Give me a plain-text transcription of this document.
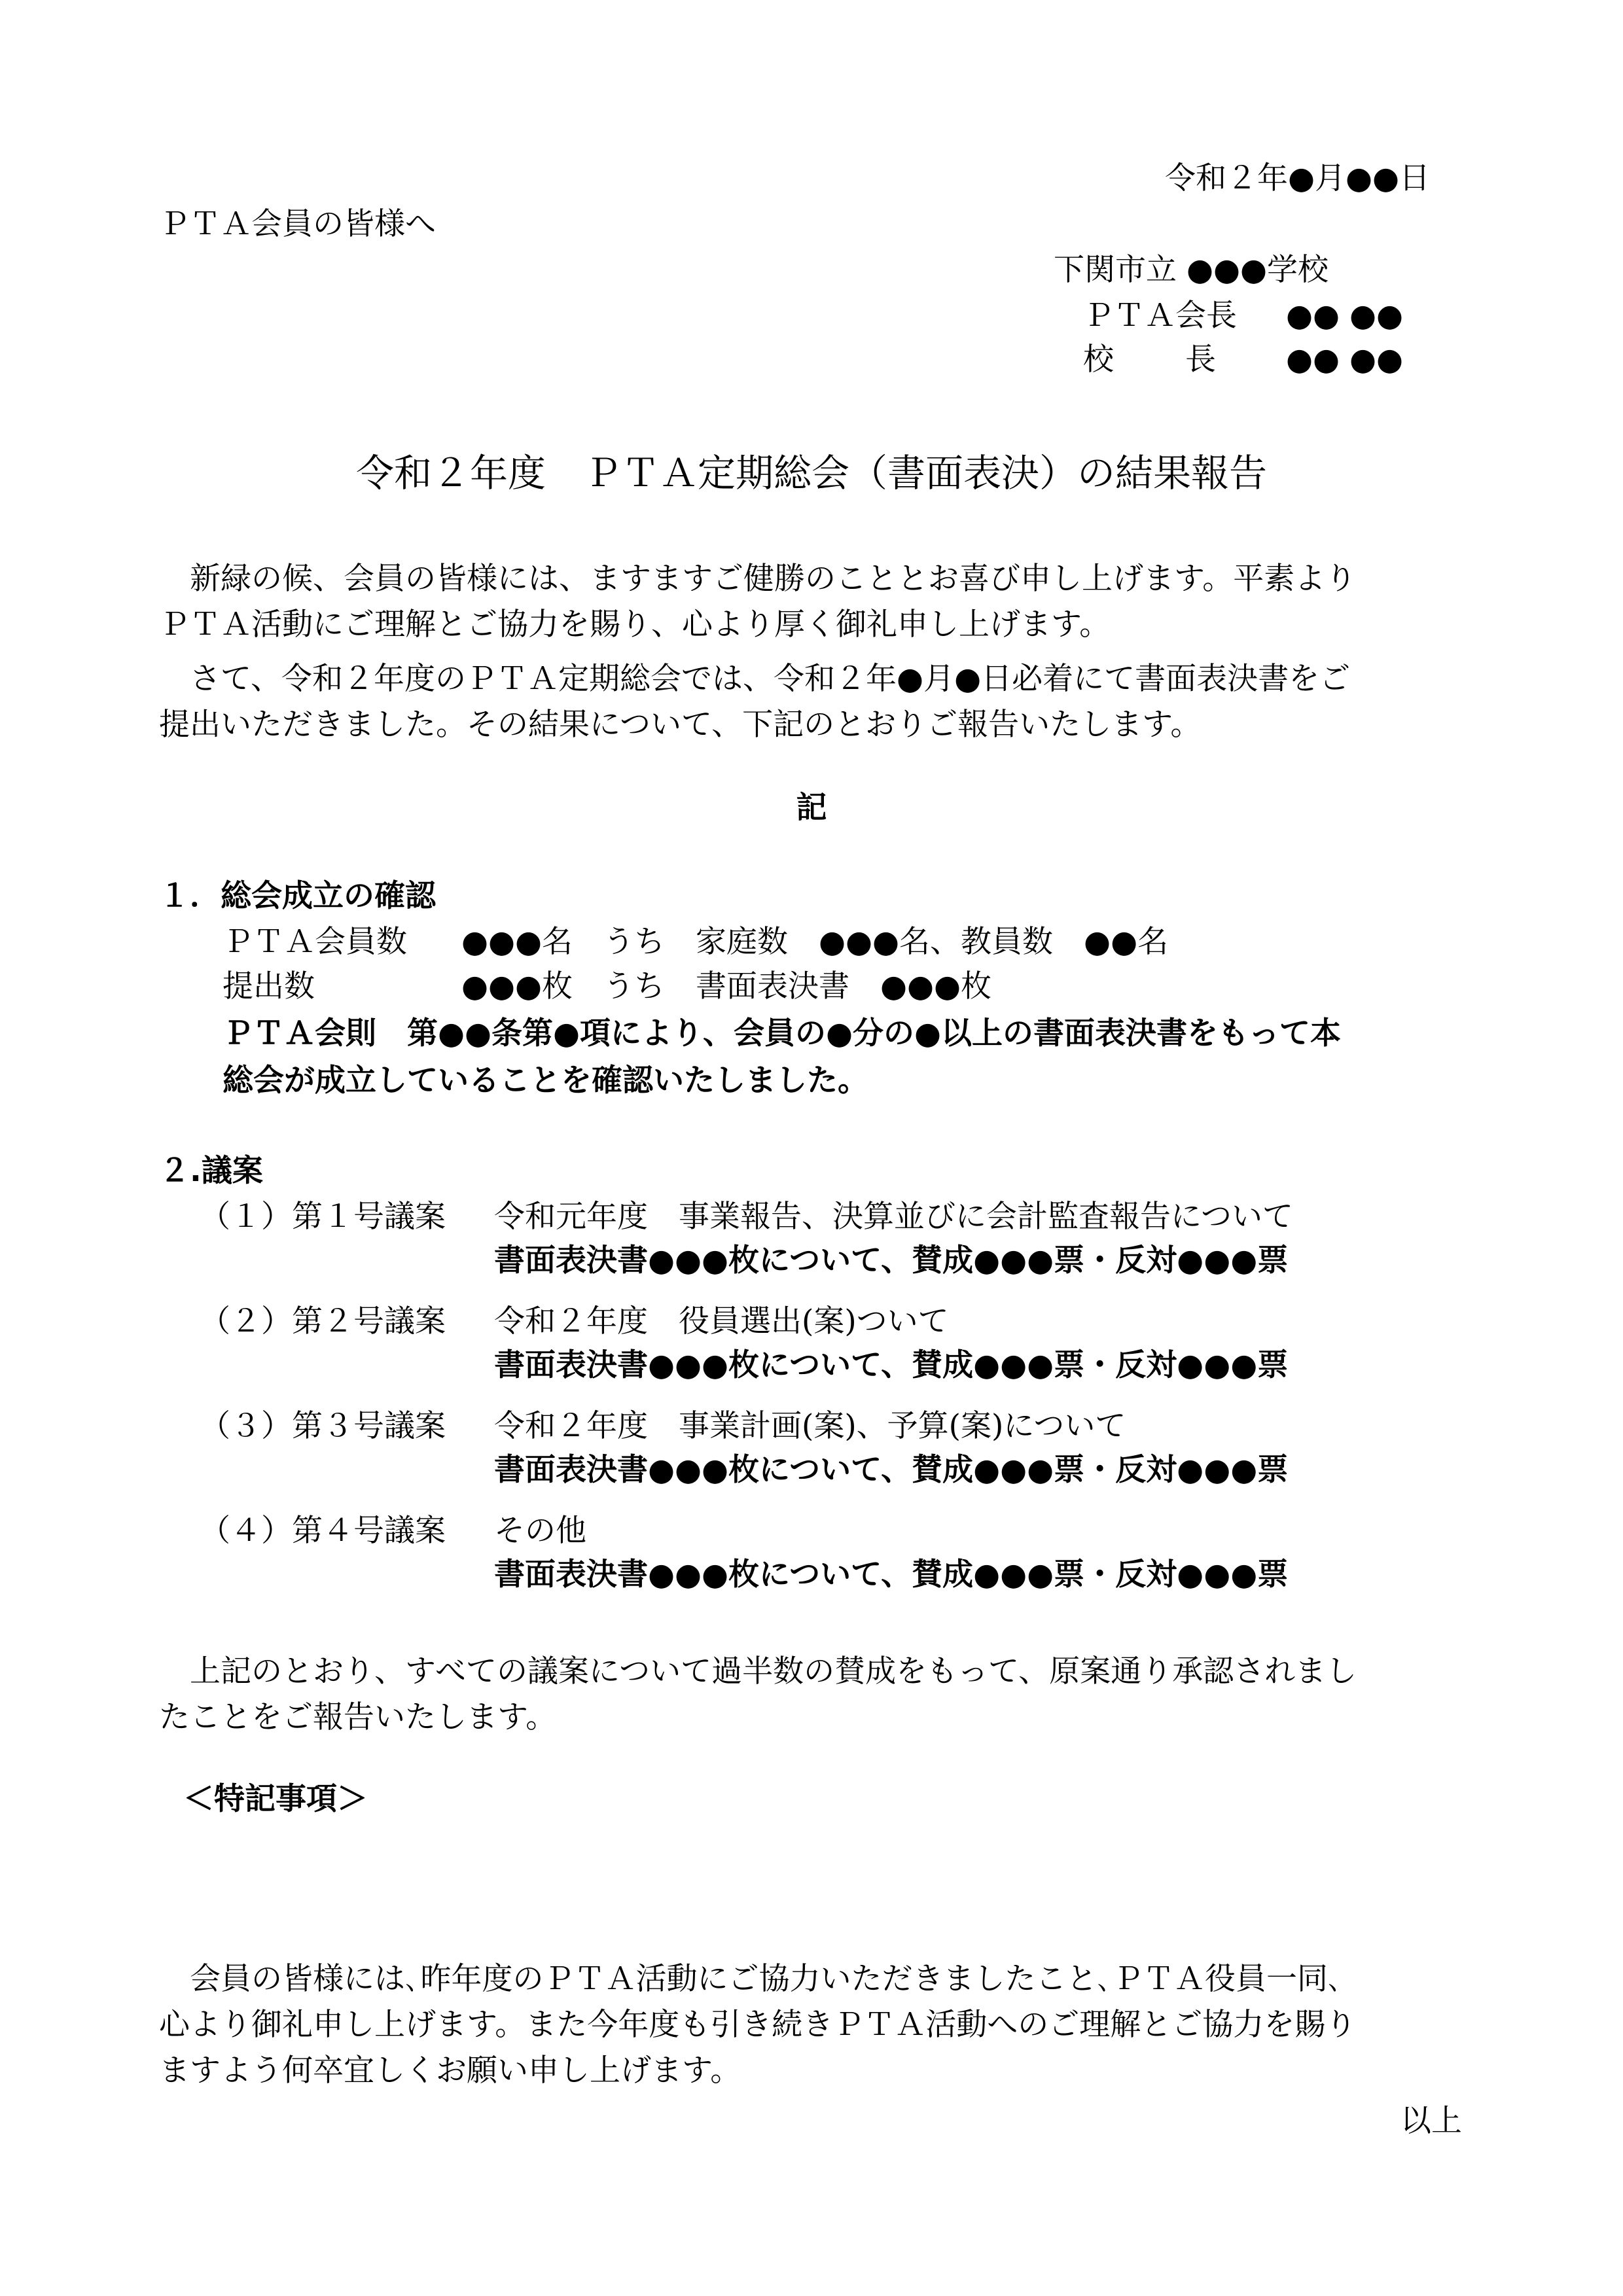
令和２年●月●●日
ＰＴＡ会員の皆様へ
下関市立 ●●●学校
ＰＴＡ会長 ●● ●●
校　　 長 ●● ●●
令和２年度　ＰＴＡ定期総会（書面表決）の結果報告
　新緑の候、会員の皆様には、ますますご健勝のこととお喜び申し上げます。平素より
ＰＴＡ活動にご理解とご協力を賜り、心より厚く御礼申し上げます。
　さて、令和２年度のＰＴＡ定期総会では、令和２年●月●日必着にて書面表決書をご
提出いただきました。その結果について、下記のとおりご報告いたします。
記
１．総会成立の確認
ＰＴＡ会員数 ●●●名　うち　家庭数　●●●名、教員数　●●名
提出数	●●●枚　うち　書面表決書　●●●枚
ＰＴＡ会則　第●●条第●項により、会員の●分の●以上の書面表決書をもって本
総会が成立していることを確認いたしました。
２.議案
（１）第１号議案 令和元年度　事業報告、決算並びに会計監査報告について
書面表決書●●●枚について、賛成●●●票・反対●●●票
（２）第２号議案 令和２年度　役員選出(案)ついて
書面表決書●●●枚について、賛成●●●票・反対●●●票
（３）第３号議案 令和２年度　事業計画(案)、予算(案)について
書面表決書●●●枚について、賛成●●●票・反対●●●票
（４）第４号議案 その他
書面表決書●●●枚について、賛成●●●票・反対●●●票
　上記のとおり、すべての議案について過半数の賛成をもって、原案通り承認されまし
たことをご報告いたします。
＜特記事項＞
　会員の皆様には､昨年度のＰＴＡ活動にご協力いただきましたこと､ＰＴＡ役員一同､
心より御礼申し上げます。また今年度も引き続きＰＴＡ活動へのご理解とご協力を賜り
ますよう何卒宜しくお願い申し上げます。
以上
